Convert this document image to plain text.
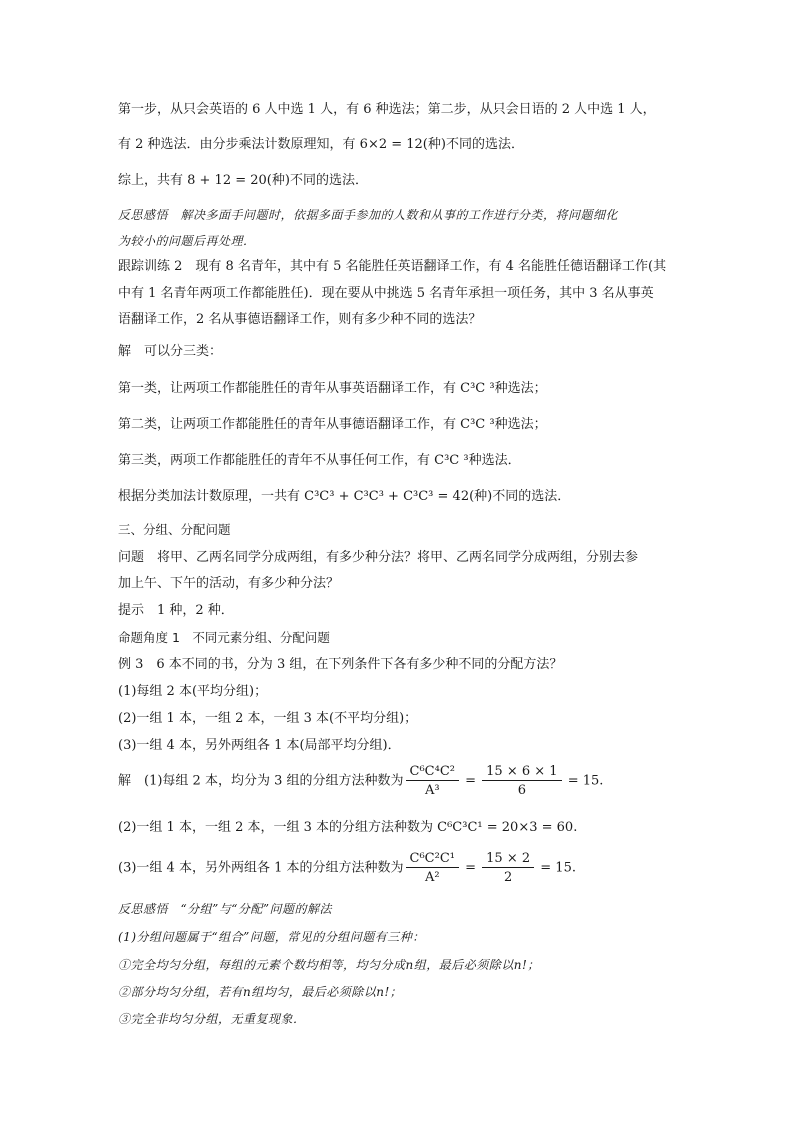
第一步，从只会英语的 6 人中选 1 人，有 6 种选法；第二步，从只会日语的 2 人中选 1 人，
有 2 种选法．由分步乘法计数原理知，有 6×2 = 12(种)不同的选法．
综上，共有 8 + 12 = 20(种)不同的选法．
反思感悟　解决多面手问题时，依据多面手参加的人数和从事的工作进行分类，将问题细化
为较小的问题后再处理．
跟踪训练 2　现有 8 名青年，其中有 5 名能胜任英语翻译工作，有 4 名能胜任德语翻译工作(其
中有 1 名青年两项工作都能胜任)．现在要从中挑选 5 名青年承担一项任务，其中 3 名从事英
语翻译工作，2 名从事德语翻译工作，则有多少种不同的选法？
解　可以分三类：
第一类，让两项工作都能胜任的青年从事英语翻译工作，有 C³C ³种选法；
第二类，让两项工作都能胜任的青年从事德语翻译工作，有 C³C ³种选法；
第三类，两项工作都能胜任的青年不从事任何工作，有 C³C ³种选法．
根据分类加法计数原理，一共有 C³C³ + C³C³ + C³C³ = 42(种)不同的选法．
三、分组、分配问题
问题　将甲、乙两名同学分成两组，有多少种分法？将甲、乙两名同学分成两组，分别去参
加上午、下午的活动，有多少种分法？
提示　1 种，2 种．
命题角度 1　不同元素分组、分配问题
例 3　6 本不同的书，分为 3 组，在下列条件下各有多少种不同的分配方法？
(1)每组 2 本(平均分组)；
(2)一组 1 本，一组 2 本，一组 3 本(不平均分组)；
(3)一组 4 本，另外两组各 1 本(局部平均分组)．
解　(1)每组 2 本，均分为 3 组的分组方法种数为 $\frac{\text{C⁶C⁴C²}}{\text{A³}} = \frac{15 \times 6 \times 1}{6} = 15$.
(2)一组 1 本，一组 2 本，一组 3 本的分组方法种数为 C⁶C³C¹ = 20×3 = 60.
(3)一组 4 本，另外两组各 1 本的分组方法种数为 $\frac{\text{C⁶C²C¹}}{\text{A²}} = \frac{15 \times 2}{2} = 15$.
反思感悟　“分组”与“分配”问题的解法
(1)分组问题属于“组合”问题，常见的分组问题有三种：
①完全均匀分组，每组的元素个数均相等，均匀分成n组，最后必须除以n!；
②部分均匀分组，若有n组均匀，最后必须除以n!；
③完全非均匀分组，无重复现象．
